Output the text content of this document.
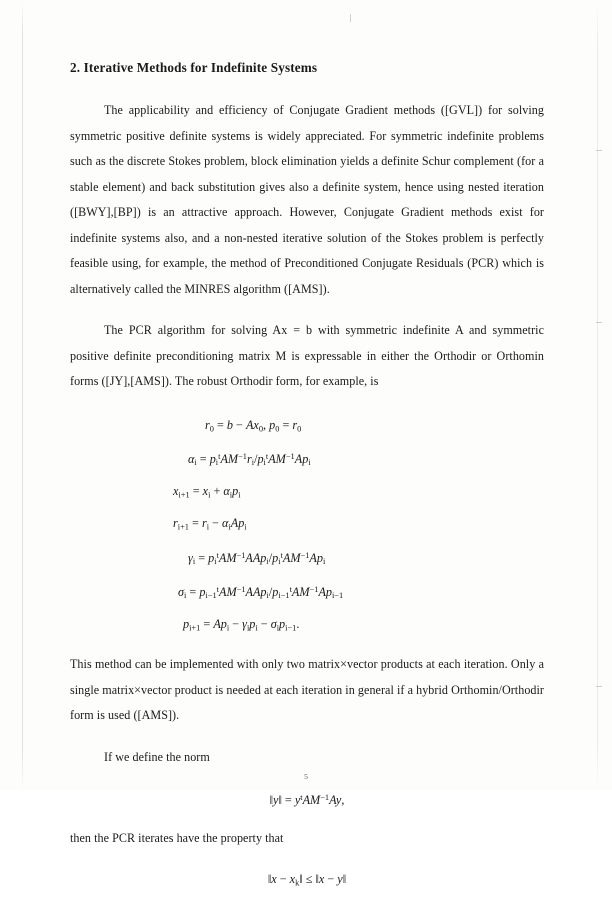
2. Iterative Methods for Indefinite Systems

The applicability and efficiency of Conjugate Gradient methods ([GVL]) for solving symmetric positive definite systems is widely appreciated. For symmetric indefinite problems such as the discrete Stokes problem, block elimination yields a definite Schur complement (for a stable element) and back substitution gives also a definite system, hence using nested iteration ([BWY],[BP]) is an attractive approach. However, Conjugate Gradient methods exist for indefinite systems also, and a non-nested iterative solution of the Stokes problem is perfectly feasible using, for example, the method of Preconditioned Conjugate Residuals (PCR) which is alternatively called the MINRES algorithm ([AMS]).

The PCR algorithm for solving Ax = b with symmetric indefinite A and symmetric positive definite preconditioning matrix M is expressable in either the Orthodir or Orthomin forms ([JY],[AMS]). The robust Orthodir form, for example, is

$r_0 = b - Ax_0$, $p_0 = r_0$
$\alpha_i = p_i^tAM^{-1}r_i/p_i^tAM^{-1}Ap_i$
$x_{i+1} = x_i + \alpha_ip_i$
$r_{i+1} = r_i - \alpha_iAp_i$
$\gamma_i = p_i^tAM^{-1}AAp_i/p_i^tAM^{-1}Ap_i$
$\sigma_i = p_{i-1}^tAM^{-1}AAp_i/p_{i-1}^tAM^{-1}Ap_{i-1}$
$p_{i+1} = Ap_i - \gamma_ip_i - \sigma_ip_{i-1}$.

This method can be implemented with only two matrix×vector products at each iteration. Only a single matrix×vector product is needed at each iteration in general if a hybrid Orthomin/Orthodir form is used ([AMS]).

If we define the norm

‖y‖ = $y^tAM^{-1}Ay$,

then the PCR iterates have the property that

‖x − $x_k‖$ ≤ ‖x − y‖
5
